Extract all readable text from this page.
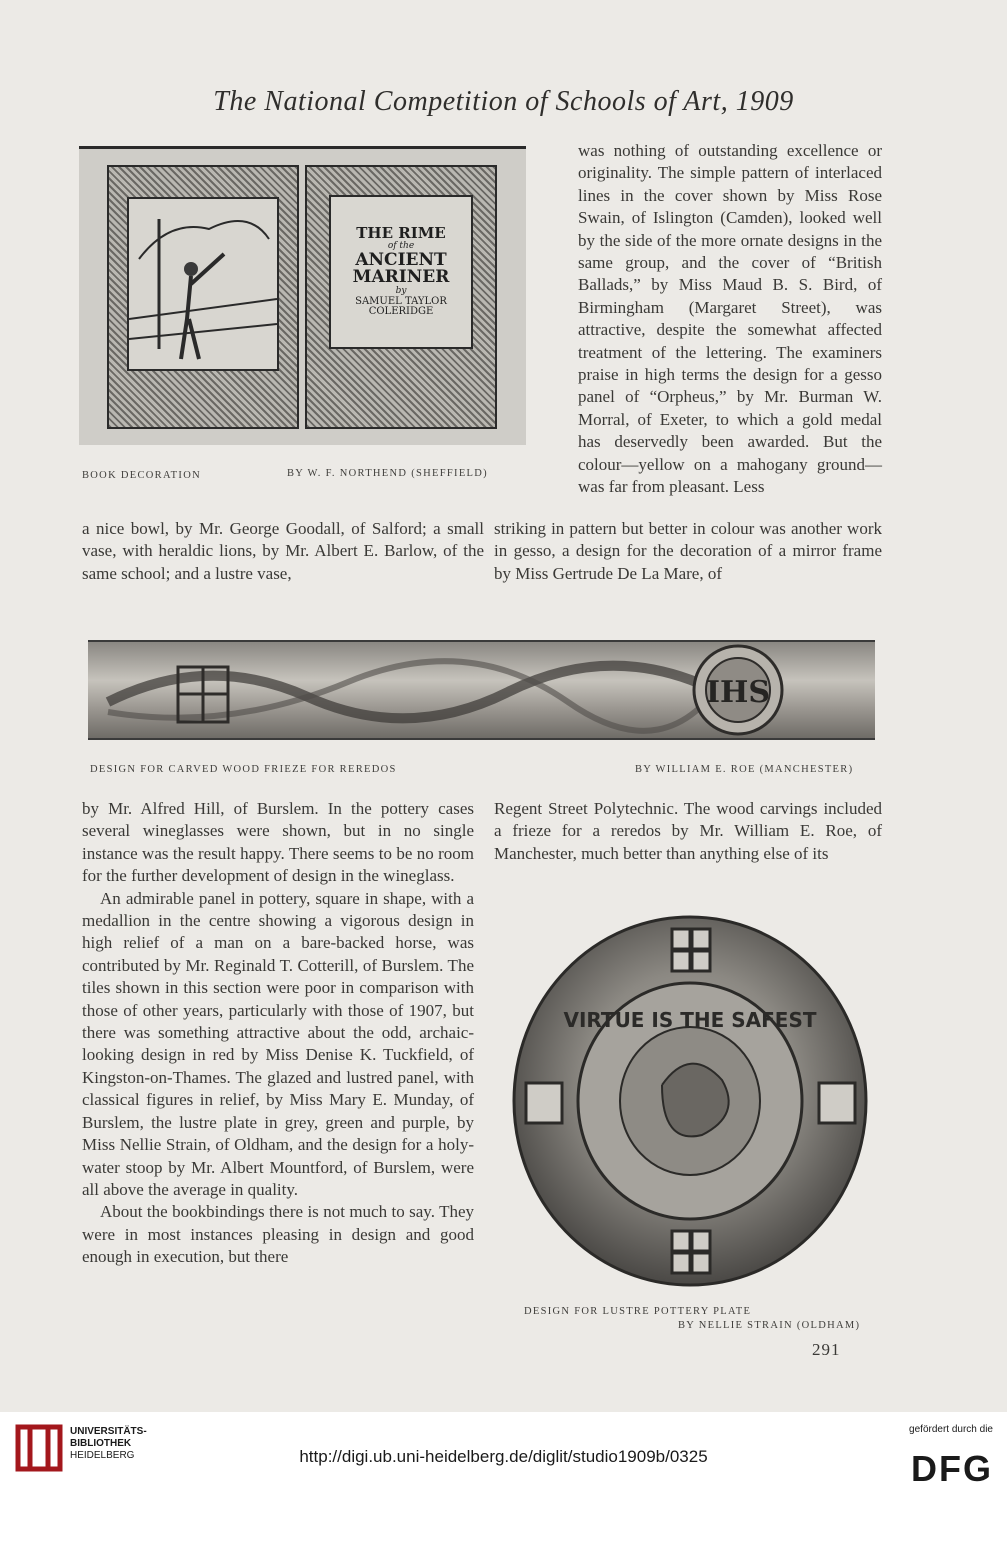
The National Competition of Schools of Art, 1909
THE RIME
of the
ANCIENT MARINER
by
SAMUEL TAYLOR COLERIDGE
BOOK DECORATION	BY W. F. NORTHEND (SHEFFIELD)

was nothing of outstanding excellence or originality. The simple pattern of interlaced lines in the cover shown by Miss Rose Swain, of Islington (Camden), looked well by the side of the more ornate designs in the same group, and the cover of “British Ballads,” by Miss Maud B. S. Bird, of Birmingham (Margaret Street), was attractive, despite the somewhat affected treatment of the lettering. The examiners praise in high terms the design for a gesso panel of “Orpheus,” by Mr. Burman W. Morral, of Exeter, to which a gold medal has deservedly been awarded. But the colour—yellow on a mahogany ground—was far from pleasant. Less

a nice bowl, by Mr. George Goodall, of Salford; a small vase, with heraldic lions, by Mr. Albert E. Barlow, of the same school; and a lustre vase,

striking in pattern but better in colour was another work in gesso, a design for the decoration of a mirror frame by Miss Gertrude De La Mare, of

IHS
DESIGN FOR CARVED WOOD FRIEZE FOR REREDOS	BY WILLIAM E. ROE (MANCHESTER)

by Mr. Alfred Hill, of Burslem. In the pottery cases several wineglasses were shown, but in no single instance was the result happy. There seems to be no room for the further development of design in the wineglass.

An admirable panel in pottery, square in shape, with a medallion in the centre showing a vigorous design in high relief of a man on a bare-backed horse, was contributed by Mr. Reginald T. Cotterill, of Burslem. The tiles shown in this section were poor in comparison with those of other years, particularly with those of 1907, but there was something attractive about the odd, archaic-looking design in red by Miss Denise K. Tuckfield, of Kingston-on-Thames. The glazed and lustred panel, with classical figures in relief, by Miss Mary E. Munday, of Burslem, the lustre plate in grey, green and purple, by Miss Nellie Strain, of Oldham, and the design for a holy-water stoop by Mr. Albert Mountford, of Burslem, were all above the average in quality.

About the bookbindings there is not much to say. They were in most instances pleasing in design and good enough in execution, but there

Regent Street Polytechnic. The wood carvings included a frieze for a reredos by Mr. William E. Roe, of Manchester, much better than anything else of its

VIRTUE IS THE SAFEST
DESIGN FOR LUSTRE POTTERY PLATE
BY NELLIE STRAIN (OLDHAM)
291
UNIVERSITÄTS-
BIBLIOTHEK
HEIDELBERG	http://digi.ub.uni-heidelberg.de/diglit/studio1909b/0325
gefördert durch die
DFG
